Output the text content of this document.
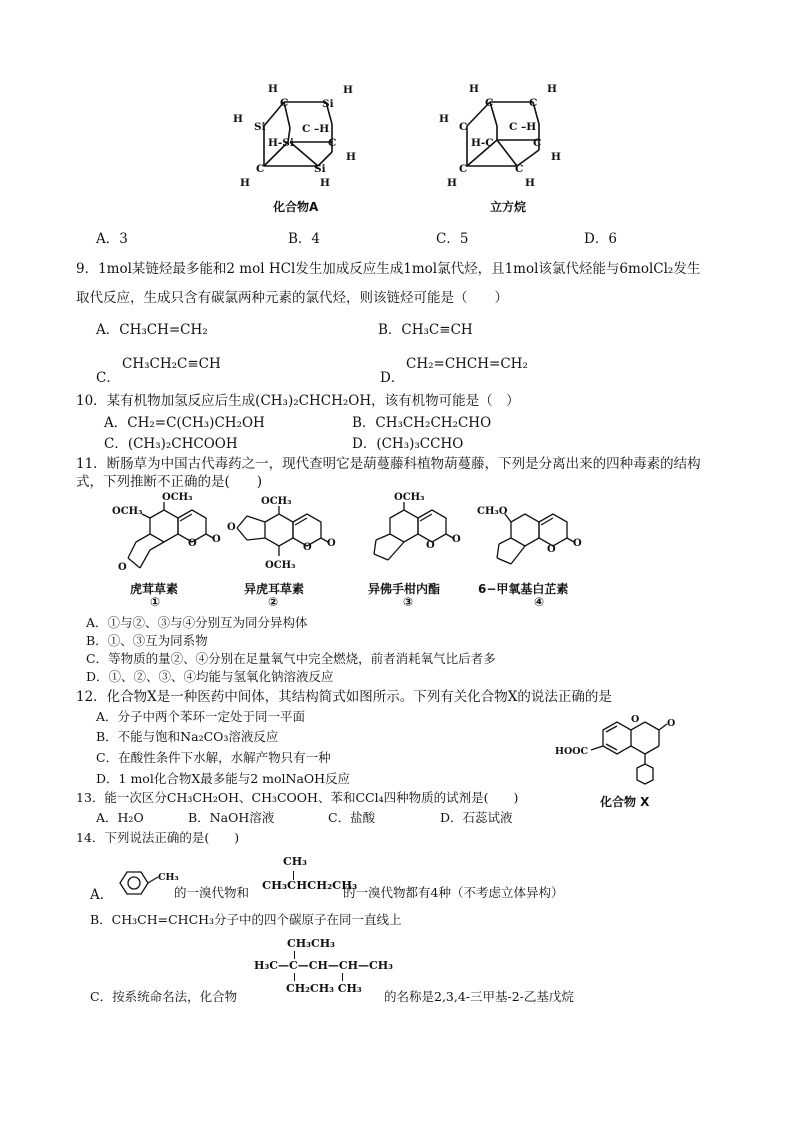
H
C	Si
H
H
Si	C –H
H-Si	C
H
C	Si
H	H
化合物A
H
C	C
H
H
C	C –H
H-C	C
H
C	C
H	H
立方烷
A．3	B．4	C．5	D．6
9．1mol某链烃最多能和2 mol HCl发生加成反应生成1mol氯代烃，且1mol该氯代烃能与6molCl₂发生
取代反应，生成只含有碳氯两种元素的氯代烃，则该链烃可能是（　　）
A．CH₃CH=CH₂	B．CH₃C≡CH
C．
CH₃CH₂C≡CH
D．
CH₂=CHCH=CH₂
10．某有机物加氢反应后生成(CH₃)₂CHCH₂OH，该有机物可能是（　）
A．CH₂=C(CH₃)CH₂OH	B．CH₃CH₂CH₂CHO
C．(CH₃)₂CHCOOH	D．(CH₃)₃CCHO
11．断肠草为中国古代毒药之一，现代查明它是葫蔓藤科植物葫蔓藤，下列是分离出来的四种毒素的结构
式，下列推断不正确的是(　　)
OCH₃
OCH₃
O O
O
虎茸草素
①
OCH₃
O
O O
OCH₃
异虎耳草素
②
OCH₃
O
O
异佛手柑内酯
③
CH₃O
O
O
6−甲氧基白芷素
④
A．①与②、③与④分别互为同分异构体
B．①、③互为同系物
C．等物质的量②、④分别在足量氧气中完全燃烧，前者消耗氧气比后者多
D．①、②、③、④均能与氢氧化钠溶液反应
12．化合物X是一种医药中间体，其结构简式如图所示。下列有关化合物X的说法正确的是
A．分子中两个苯环一定处于同一平面
B．不能与饱和Na₂CO₃溶液反应
C．在酸性条件下水解，水解产物只有一种
D．1 mol化合物X最多能与2 molNaOH反应
O	O
HOOC
化合物 X
13．能一次区分CH₃CH₂OH、CH₃COOH、苯和CCl₄四种物质的试剂是(　　)
A．H₂O	B．NaOH溶液	C．盐酸	D．石蕊试液
14．下列说法正确的是(　　)
A．
CH₃
的一溴代物和
CH₃
CH₃CHCH₂CH₃
的一溴代物都有4种（不考虑立体异构）
B．CH₃CH=CHCH₃分子中的四个碳原子在同一直线上
C．按系统命名法，化合物
CH₃CH₃
H₃C—C—CH—CH—CH₃
CH₂CH₃ CH₃
的名称是2,3,4-三甲基-2-乙基戊烷
